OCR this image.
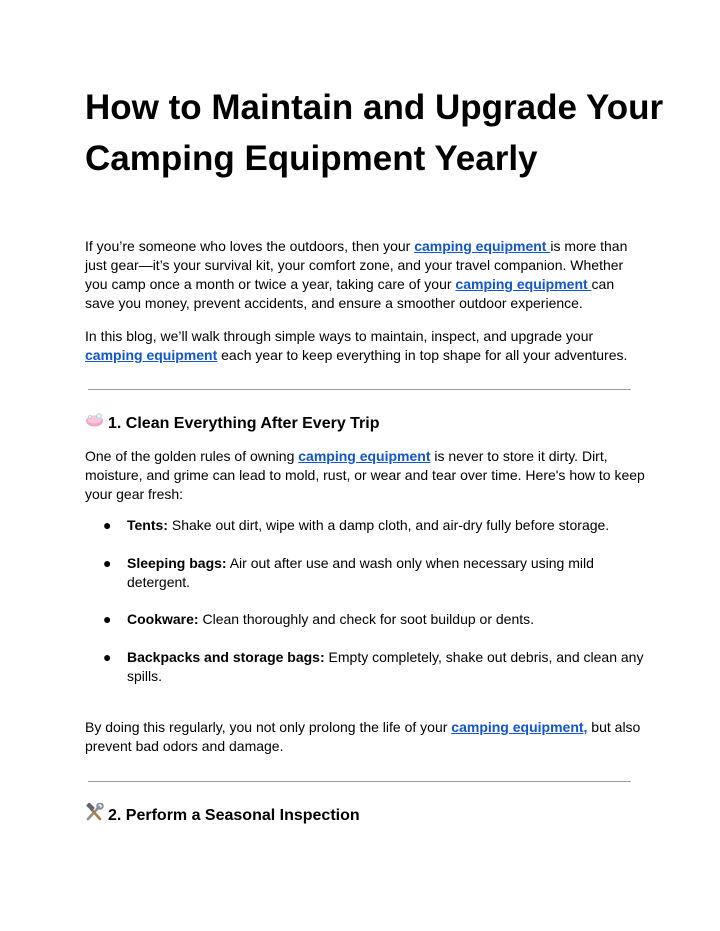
How to Maintain and Upgrade Your Camping Equipment Yearly

If you’re someone who loves the outdoors, then your camping equipment is more than just gear—it’s your survival kit, your comfort zone, and your travel companion. Whether you camp once a month or twice a year, taking care of your camping equipment can save you money, prevent accidents, and ensure a smoother outdoor experience.

In this blog, we’ll walk through simple ways to maintain, inspect, and upgrade your camping equipment each year to keep everything in top shape for all your adventures.

1. Clean Everything After Every Trip

One of the golden rules of owning camping equipment is never to store it dirty. Dirt, moisture, and grime can lead to mold, rust, or wear and tear over time. Here's how to keep your gear fresh:

● Tents: Shake out dirt, wipe with a damp cloth, and air-dry fully before storage.
● Sleeping bags: Air out after use and wash only when necessary using mild detergent.
● Cookware: Clean thoroughly and check for soot buildup or dents.
● Backpacks and storage bags: Empty completely, shake out debris, and clean any spills.

By doing this regularly, you not only prolong the life of your camping equipment, but also prevent bad odors and damage.

2. Perform a Seasonal Inspection
